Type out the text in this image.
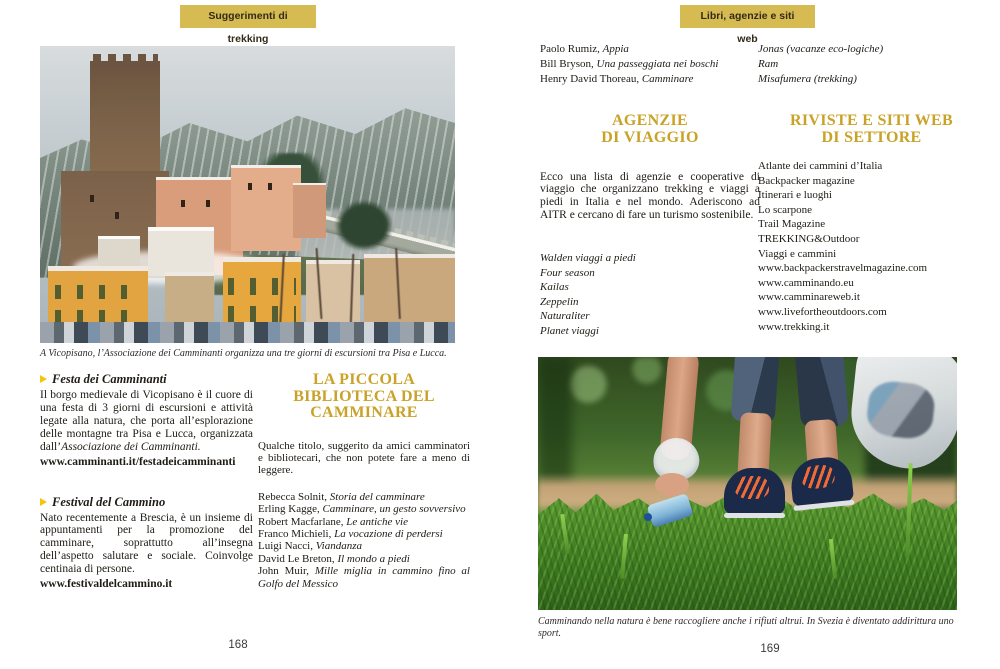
Suggerimenti di trekking
Libri, agenzie e siti web
A Vicopisano, l’Associazione dei Camminanti organizza una tre giorni di escursioni tra Pisa e Lucca.
Festa dei Camminanti

Il borgo medievale di Vicopisano è il cuore di una festa di 3 giorni di escursioni e attività legate alla natura, che porta all’esplorazione delle montagne tra Pisa e Lucca, organizzata dall’Associazione dei Camminanti.

www.camminanti.it/festadeicamminanti
Festival del Cammino

Nato recentemente a Brescia, è un insieme di appuntamenti per la promozione del camminare, soprattutto all’insegna dell’aspetto salutare e sociale. Coinvolge centinaia di persone.

www.festivaldelcammino.it
LA PICCOLA
BIBLIOTECA DEL
CAMMINARE

Qualche titolo, suggerito da amici camminatori e bibliotecari, che non potete fare a meno di leggere.

Rebecca Solnit, Storia del camminare
Erling Kagge, Camminare, un gesto sovversivo
Robert Macfarlane, Le antiche vie
Franco Michieli, La vocazione di perdersi
Luigi Nacci, Viandanza
David Le Breton, Il mondo a piedi
John Muir, Mille miglia in cammino fino al Golfo del Messico
168
Paolo Rumiz, Appia
Bill Bryson, Una passeggiata nei boschi
Henry David Thoreau, Camminare
Jonas (vacanze eco-logiche)
Ram
Misafumera (trekking)
AGENZIE
DI VIAGGIO

Ecco una lista di agenzie e cooperative di viaggio che organizzano trekking e viaggi a piedi in Italia e nel mondo. Aderiscono ad AITR e cercano di fare un turismo sostenibile.

Walden viaggi a piedi
Four season
Kailas
Zeppelin
Naturaliter
Planet viaggi
RIVISTE E SITI WEB
DI SETTORE
Atlante dei cammini d’Italia
Backpacker magazine
Itinerari e luoghi
Lo scarpone
Trail Magazine
TREKKING&Outdoor
Viaggi e cammini
www.backpackerstravelmagazine.com
www.camminando.eu
www.camminareweb.it
www.livefortheoutdoors.com
www.trekking.it
Camminando nella natura è bene raccogliere anche i rifiuti altrui. In Svezia è diventato addirittura uno sport.
169
